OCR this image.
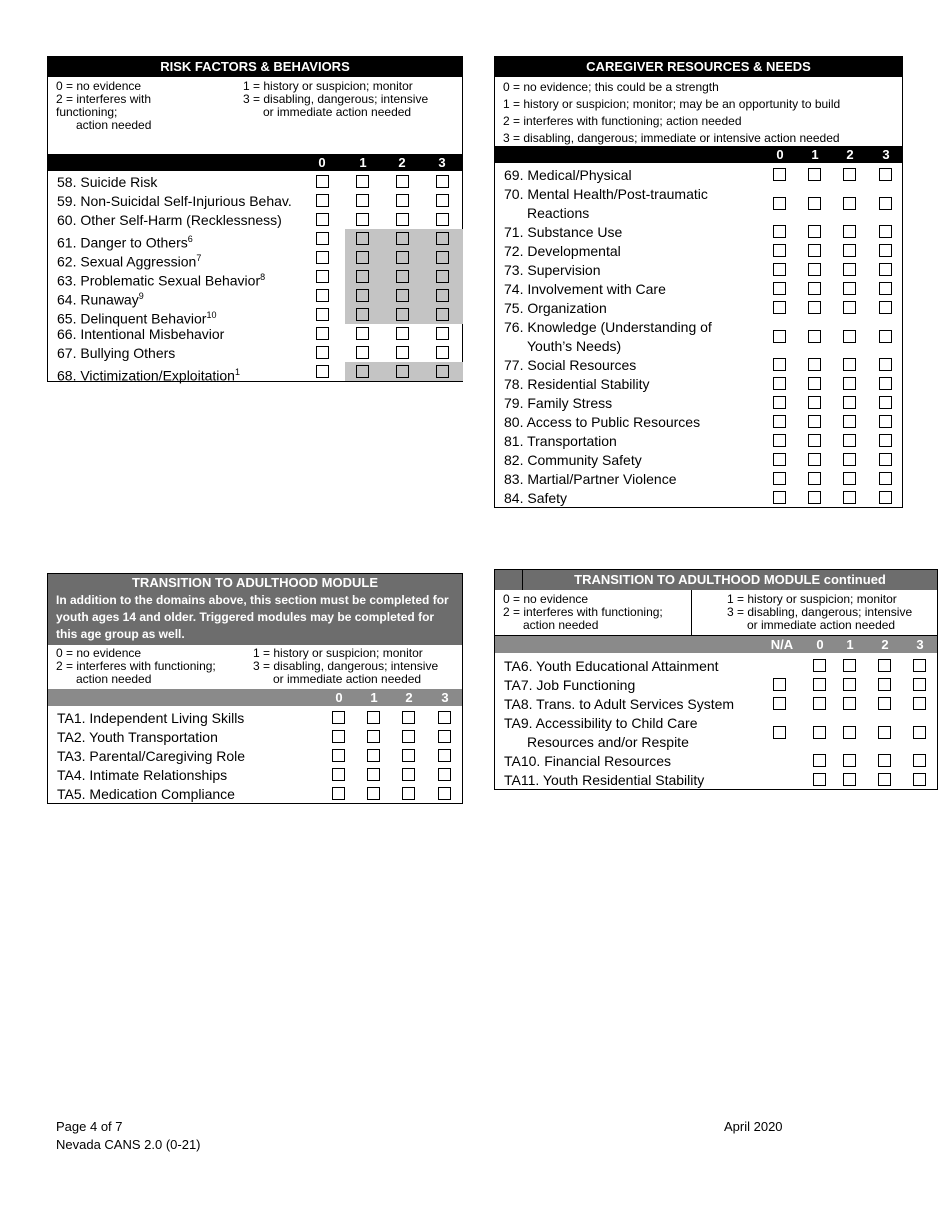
RISK FACTORS & BEHAVIORS
0 = no evidence	1 = history or suspicion; monitor
2 = interferes with
functioning;
action needed
3 = disabling, dangerous; intensive
or immediate action needed
0	1	2	3
58. Suicide Risk
59. Non-Suicidal Self-Injurious Behav.
60. Other Self-Harm (Recklessness)
61. Danger to Others$^6$
62. Sexual Aggression$^7$
63. Problematic Sexual Behavior$^8$
64. Runaway$^9$
65. Delinquent Behavior$^{10}$
66. Intentional Misbehavior
67. Bullying Others
68. Victimization/Exploitation$^1$
CAREGIVER RESOURCES & NEEDS
0 = no evidence; this could be a strength
1 = history or suspicion; monitor; may be an opportunity to build
2 = interferes with functioning; action needed
3 = disabling, dangerous; immediate or intensive action needed
0	1	2	3
69. Medical/Physical
70. Mental Health/Post-traumatic
Reactions
71. Substance Use
72. Developmental
73. Supervision
74. Involvement with Care
75. Organization
76. Knowledge (Understanding of
Youth’s Needs)
77. Social Resources
78. Residential Stability
79. Family Stress
80. Access to Public Resources
81. Transportation
82. Community Safety
83. Martial/Partner Violence
84. Safety
TRANSITION TO ADULTHOOD MODULE
In addition to the domains above, this section must be completed for youth ages 14 and older. Triggered modules may be completed for this age group as well.
0 = no evidence	1 = history or suspicion; monitor
2 = interferes with functioning;
action needed
3 = disabling, dangerous; intensive
or immediate action needed
0	1	2	3
TA1. Independent Living Skills
TA2. Youth Transportation
TA3. Parental/Caregiving Role
TA4. Intimate Relationships
TA5. Medication Compliance
TRANSITION TO ADULTHOOD MODULE continued
0 = no evidence	1 = history or suspicion; monitor
2 = interferes with functioning;
action needed
3 = disabling, dangerous; intensive
or immediate action needed
N/A	0	1	2	3
TA6. Youth Educational Attainment
TA7. Job Functioning
TA8. Trans. to Adult Services System
TA9. Accessibility to Child Care
Resources and/or Respite
TA10. Financial Resources
TA11. Youth Residential Stability
Page 4 of 7
Nevada CANS 2.0 (0-21)
April 2020
